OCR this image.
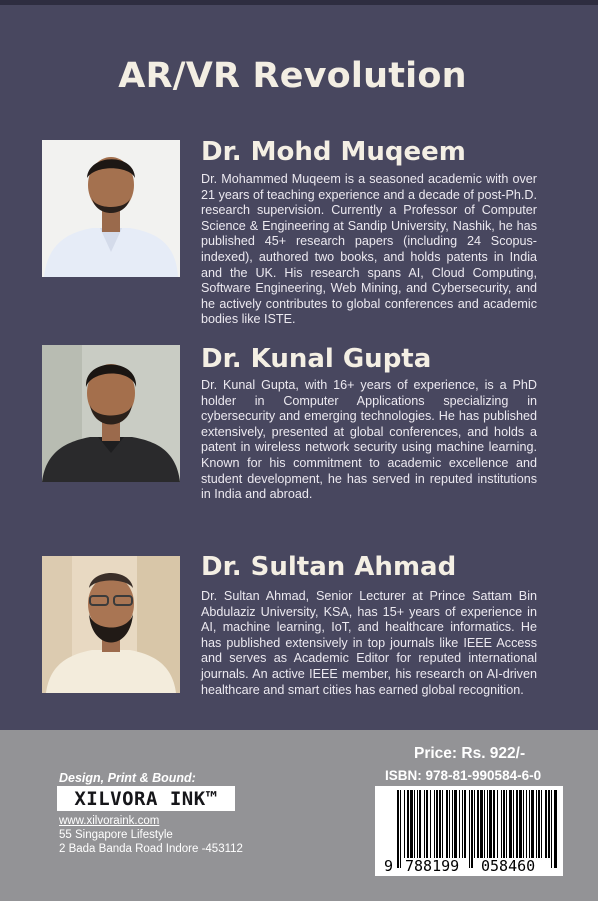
AR/VR Revolution
Dr. Mohd Muqeem

Dr. Mohammed Muqeem is a seasoned academic with over 21 years of teaching experience and a decade of post-Ph.D. research supervision. Currently a Professor of Computer Science & Engineering at Sandip University, Nashik, he has published 45+ research papers (including 24 Scopus-indexed), authored two books, and holds patents in India and the UK. His research spans AI, Cloud Computing, Software Engineering, Web Mining, and Cybersecurity, and he actively contributes to global conferences and academic bodies like ISTE.

Dr. Kunal Gupta

Dr. Kunal Gupta, with 16+ years of experience, is a PhD holder in Computer Applications specializing in cybersecurity and emerging technologies. He has published extensively, presented at global conferences, and holds a patent in wireless network security using machine learning. Known for his commitment to academic excellence and student development, he has served in reputed institutions in India and abroad.

Dr. Sultan Ahmad

Dr. Sultan Ahmad, Senior Lecturer at Prince Sattam Bin Abdulaziz University, KSA, has 15+ years of experience in AI, machine learning, IoT, and healthcare informatics. He has published extensively in top journals like IEEE Access and serves as Academic Editor for reputed international journals. An active IEEE member, his research on AI-driven healthcare and smart cities has earned global recognition.

Design, Print & Bound:

XILVORA INK™

www.xilvoraink.com

55 Singapore Lifestyle

2 Bada Banda Road Indore -453112

Price: Rs. 922/-

ISBN: 978-81-990584-6-0

9 788199 058460
